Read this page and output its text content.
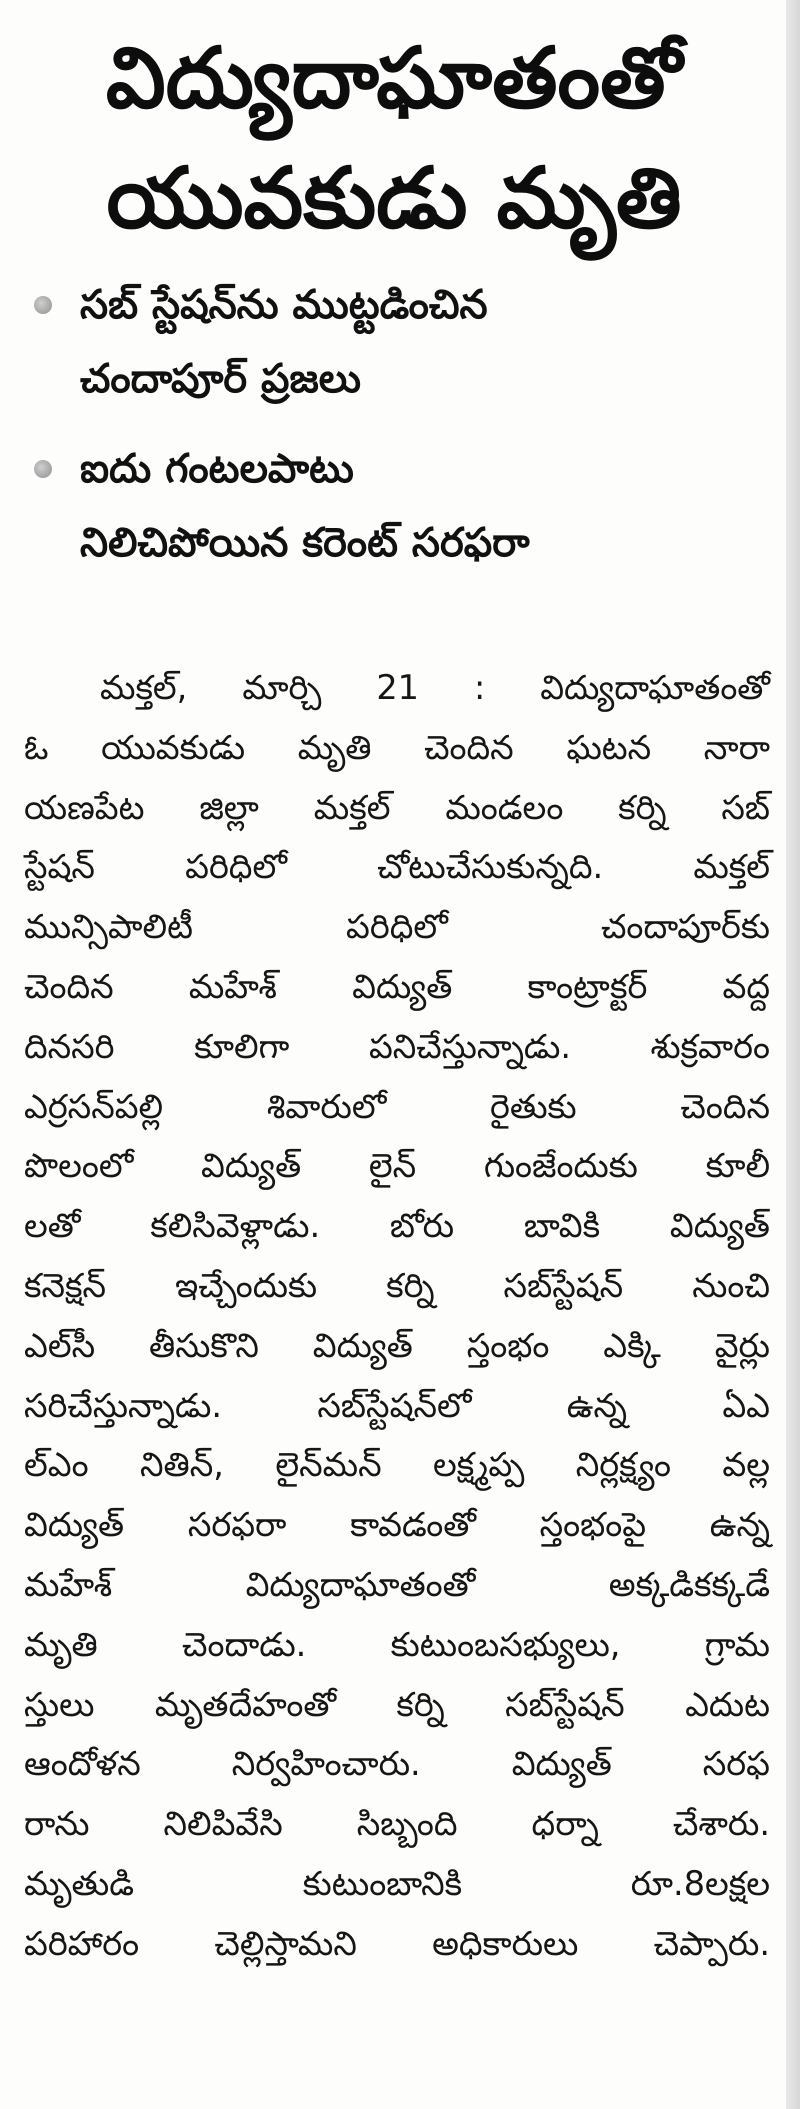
విద్యుదాఘాతంతో
యువకుడు మృతి
సబ్‌ స్టేషన్‌ను ముట్టడించిన
చందాపూర్‌ ప్రజలు
ఐదు గంటలపాటు
నిలిచిపోయిన కరెంట్‌ సరఫరా
మక్తల్‌, మార్చి 21 : విద్యుదాఘాతంతో
ఓ యువకుడు మృతి చెందిన ఘటన నారా
యణపేట జిల్లా మక్తల్‌ మండలం కర్ని సబ్‌
స్టేషన్‌ పరిధిలో చోటుచేసుకున్నది. మక్తల్‌
మున్సిపాలిటీ పరిధిలో చందాపూర్‌కు
చెందిన మహేశ్‌ విద్యుత్‌ కాంట్రాక్టర్‌ వద్ద
దినసరి కూలిగా పనిచేస్తున్నాడు. శుక్రవారం
ఎర్రసన్‌పల్లి శివారులో రైతుకు చెందిన
పొలంలో విద్యుత్‌ లైన్‌ గుంజేందుకు కూలీ
లతో కలిసివెళ్లాడు. బోరు బావికి విద్యుత్‌
కనెక్షన్‌ ఇచ్చేందుకు కర్ని సబ్‌స్టేషన్‌ నుంచి
ఎల్‌సీ తీసుకొని విద్యుత్‌ స్తంభం ఎక్కి వైర్లు
సరిచేస్తున్నాడు. సబ్‌స్టేషన్‌లో ఉన్న ఏఎ
ల్‌ఎం నితిన్‌, లైన్‌మన్‌ లక్ష్మప్ప నిర్లక్ష్యం వల్ల
విద్యుత్‌ సరఫరా కావడంతో స్తంభంపై ఉన్న
మహేశ్‌ విద్యుదాఘాతంతో అక్కడికక్కడే
మృతి చెందాడు. కుటుంబసభ్యులు, గ్రామ
స్తులు మృతదేహంతో కర్ని సబ్‌స్టేషన్‌ ఎదుట
ఆందోళన నిర్వహించారు. విద్యుత్‌ సరఫ
రాను నిలిపివేసి సిబ్బంది ధర్నా చేశారు.
మృతుడి కుటుంబానికి రూ.8లక్షల
పరిహారం చెల్లిస్తామని అధికారులు చెప్పారు.
